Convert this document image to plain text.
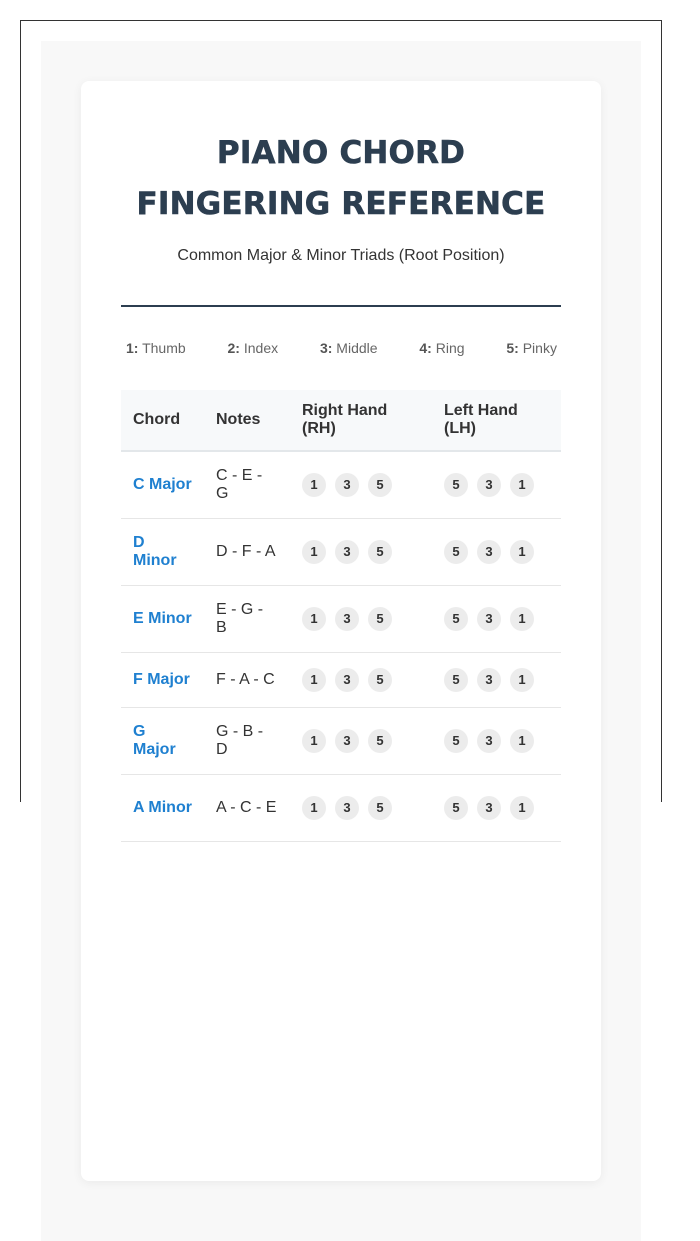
PIANO CHORD
FINGERING REFERENCE

Common Major & Minor Triads (Root Position)

1: Thumb	2: Index	3: Middle	4: Ring	5: Pinky
Chord	Notes	Right Hand (RH)	Left Hand (LH)
C Major	C - E - G	1 3 5	5 3 1

D Minor	D - F - A	1 3 5	5 3 1

E Minor	E - G - B	1 3 5	5 3 1

F Major	F - A - C	1 3 5	5 3 1

G Major	G - B - D	1 3 5	5 3 1

A Minor	A - C - E	1 3 5	5 3 1
